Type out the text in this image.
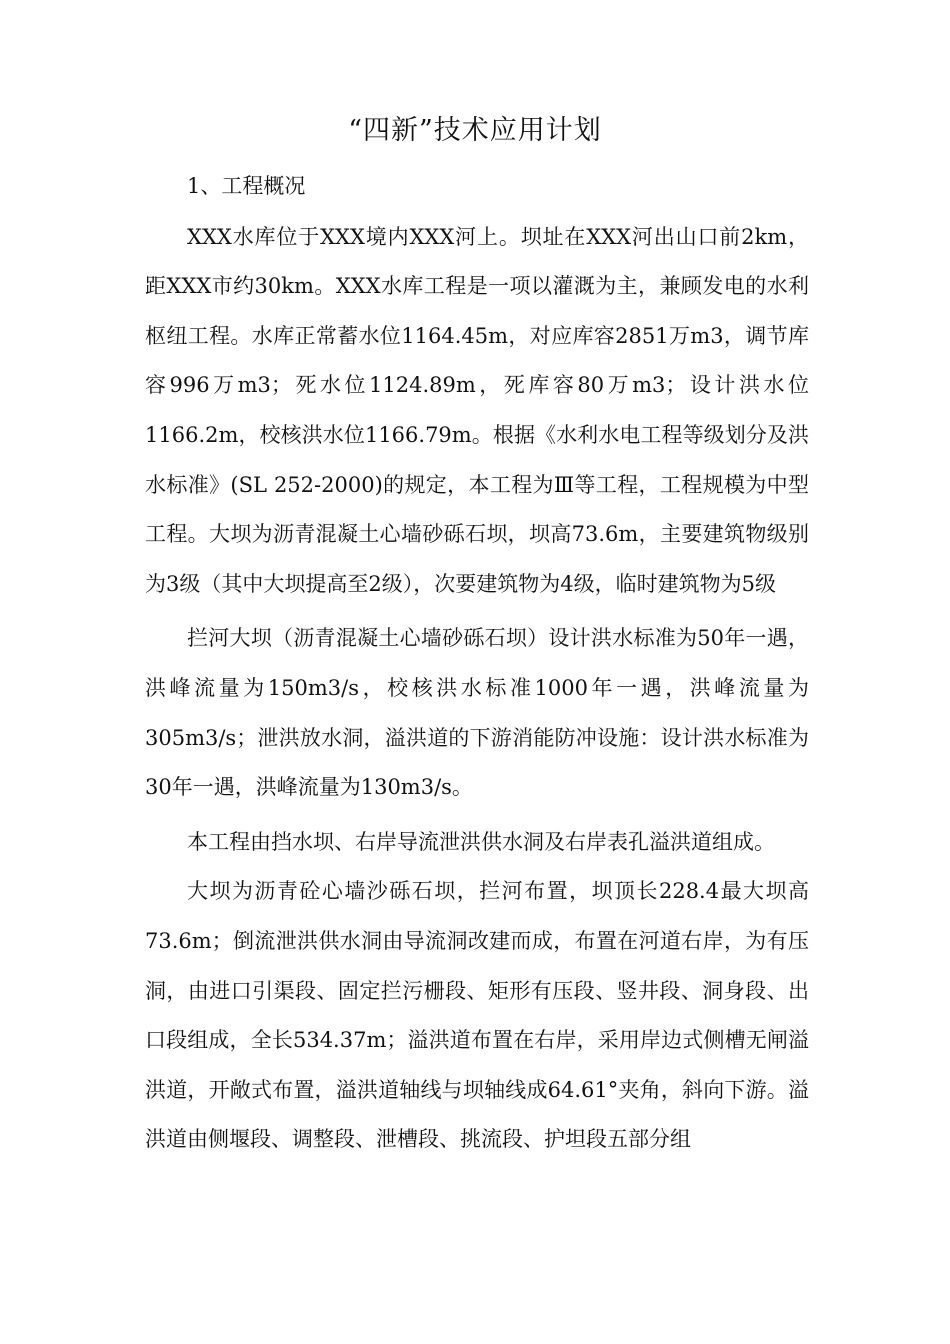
“四新”技术应用计划

1、工程概况

XXX水库位于XXX境内XXX河上。坝址在XXX河出山口前2km，距XXX市约30km。XXX水库工程是一项以灌溉为主，兼顾发电的水利枢纽工程。水库正常蓄水位1164.45m，对应库容2851万m3，调节库容996万m3；死水位1124.89m，死库容80万m3；设计洪水位1166.2m，校核洪水位1166.79m。根据《水利水电工程等级划分及洪水标准》(SL 252-2000)的规定，本工程为Ⅲ等工程，工程规模为中型工程。大坝为沥青混凝土心墙砂砾石坝，坝高73.6m，主要建筑物级别为3级（其中大坝提高至2级），次要建筑物为4级，临时建筑物为5级

拦河大坝（沥青混凝土心墙砂砾石坝）设计洪水标准为50年一遇，洪峰流量为150m3/s，校核洪水标准1000年一遇，洪峰流量为305m3/s；泄洪放水洞，溢洪道的下游消能防冲设施：设计洪水标准为30年一遇，洪峰流量为130m3/s。

本工程由挡水坝、右岸导流泄洪供水洞及右岸表孔溢洪道组成。

大坝为沥青砼心墙沙砾石坝，拦河布置，坝顶长228.4最大坝高73.6m；倒流泄洪供水洞由导流洞改建而成，布置在河道右岸，为有压洞，由进口引渠段、固定拦污栅段、矩形有压段、竖井段、洞身段、出口段组成，全长534.37m；溢洪道布置在右岸，采用岸边式侧槽无闸溢洪道，开敞式布置，溢洪道轴线与坝轴线成64.61°夹角，斜向下游。溢洪道由侧堰段、调整段、泄槽段、挑流段、护坦段五部分组
